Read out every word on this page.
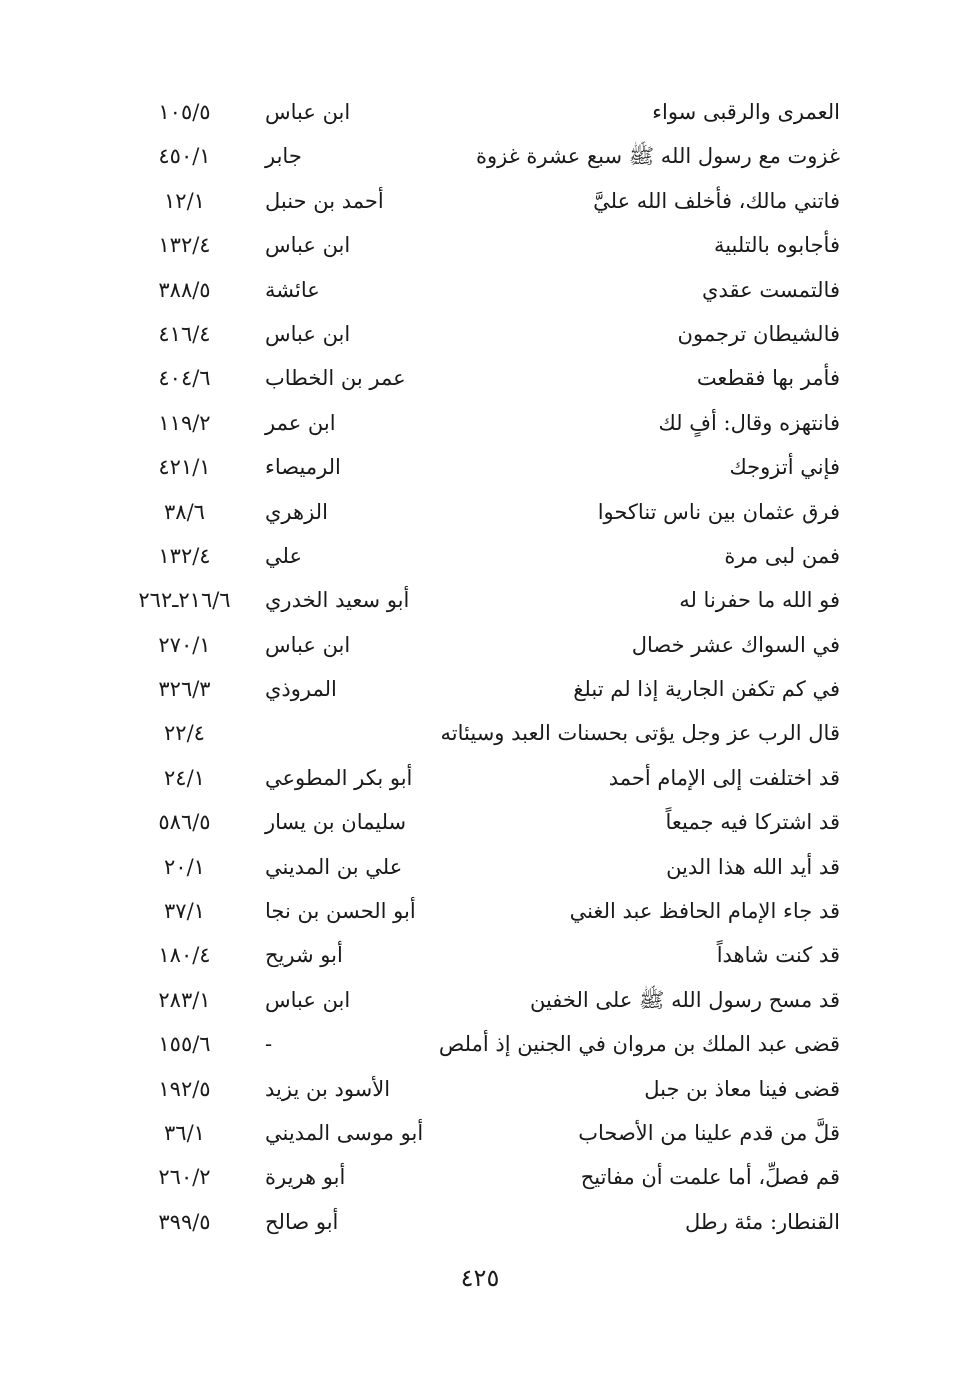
العمرى والرقبى سواء
ابن عباس
١٠٥/٥
غزوت مع رسول الله ﷺ سبع عشرة غزوة
جابر
٤٥٠/١
فاتني مالك، فأخلف الله عليَّ
أحمد بن حنبل
١٢/١
فأجابوه بالتلبية
ابن عباس
١٣٢/٤
فالتمست عقدي
عائشة
٣٨٨/٥
فالشيطان ترجمون
ابن عباس
٤١٦/٤
فأمر بها فقطعت
عمر بن الخطاب
٤٠٤/٦
فانتهزه وقال: أفٍ لك
ابن عمر
١١٩/٢
فإني أتزوجك
الرميصاء
٤٢١/١
فرق عثمان بين ناس تناكحوا
الزهري
٣٨/٦
فمن لبى مرة
علي
١٣٢/٤
فو الله ما حفرنا له
أبو سعيد الخدري
٢١٦/٦ـ٢٦٢
في السواك عشر خصال
ابن عباس
٢٧٠/١
في كم تكفن الجارية إذا لم تبلغ
المروذي
٣٢٦/٣
قال الرب عز وجل يؤتى بحسنات العبد وسيئاته
٢٢/٤
قد اختلفت إلى الإمام أحمد
أبو بكر المطوعي
٢٤/١
قد اشتركا فيه جميعاً
سليمان بن يسار
٥٨٦/٥
قد أيد الله هذا الدين
علي بن المديني
٢٠/١
قد جاء الإمام الحافظ عبد الغني
أبو الحسن بن نجا
٣٧/١
قد كنت شاهداً
أبو شريح
١٨٠/٤
قد مسح رسول الله ﷺ على الخفين
ابن عباس
٢٨٣/١
قضى عبد الملك بن مروان في الجنين إذ أملص
-
١٥٥/٦
قضى فينا معاذ بن جبل
الأسود بن يزيد
١٩٢/٥
قلَّ من قدم علينا من الأصحاب
أبو موسى المديني
٣٦/١
قم فصلِّ، أما علمت أن مفاتيح
أبو هريرة
٢٦٠/٢
القنطار: مئة رطل
أبو صالح
٣٩٩/٥
٤٢٥
